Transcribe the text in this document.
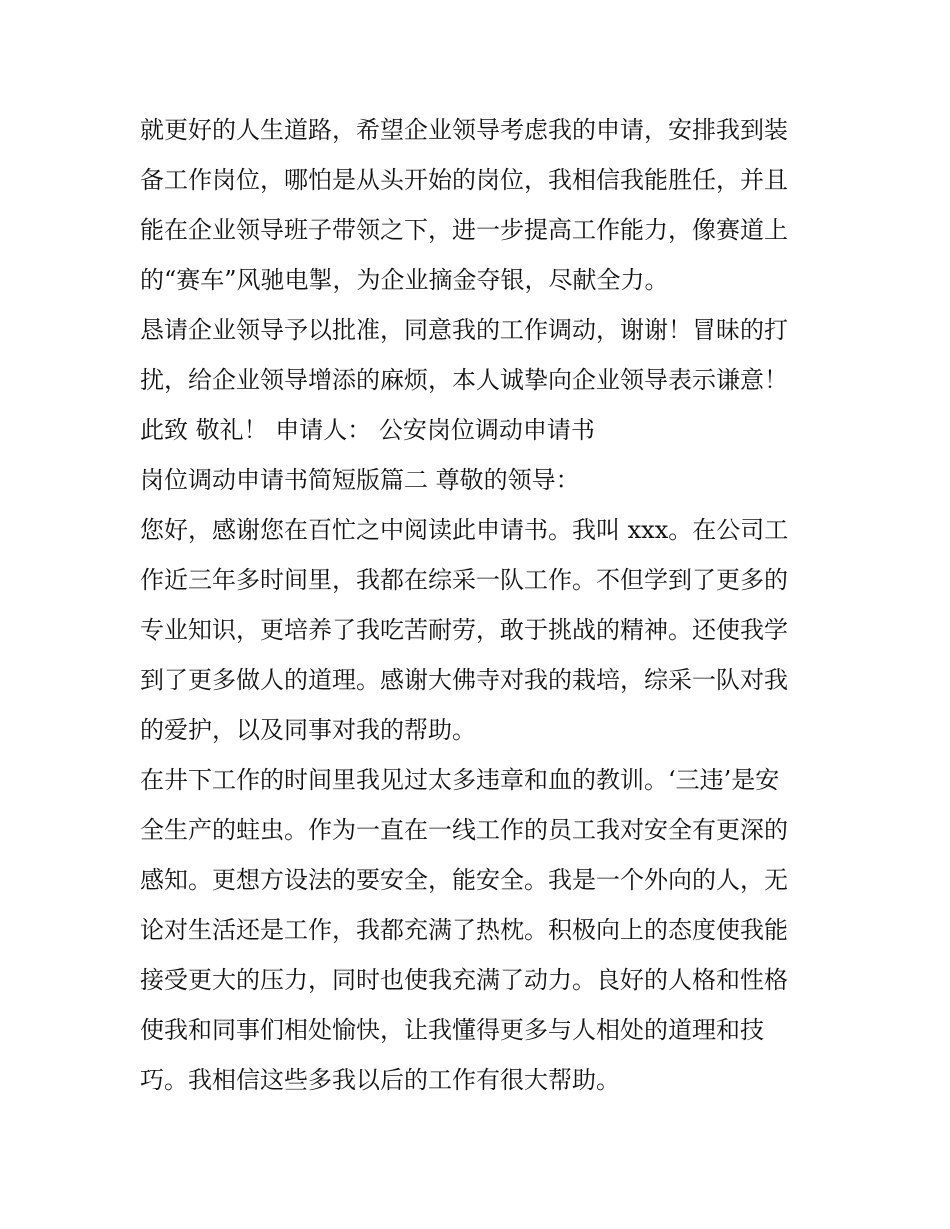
就更好的人生道路，希望企业领导考虑我的申请，安排我到装
备工作岗位，哪怕是从头开始的岗位，我相信我能胜任，并且
能在企业领导班子带领之下，进一步提高工作能力，像赛道上
的“赛车”风驰电掣，为企业摘金夺银，尽献全力。
恳请企业领导予以批准，同意我的工作调动，谢谢！冒昧的打
扰，给企业领导增添的麻烦，本人诚挚向企业领导表示谦意！
此致 敬礼！ 申请人： 公安岗位调动申请书
岗位调动申请书简短版篇二 尊敬的领导：
您好，感谢您在百忙之中阅读此申请书。我叫 xxx。在公司工
作近三年多时间里，我都在综采一队工作。不但学到了更多的
专业知识，更培养了我吃苦耐劳，敢于挑战的精神。还使我学
到了更多做人的道理。感谢大佛寺对我的栽培，综采一队对我
的爱护，以及同事对我的帮助。
在井下工作的时间里我见过太多违章和血的教训。‘三违’是安
全生产的蛀虫。作为一直在一线工作的员工我对安全有更深的
感知。更想方设法的要安全，能安全。我是一个外向的人，无
论对生活还是工作，我都充满了热枕。积极向上的态度使我能
接受更大的压力，同时也使我充满了动力。良好的人格和性格
使我和同事们相处愉快，让我懂得更多与人相处的道理和技
巧。我相信这些多我以后的工作有很大帮助。
